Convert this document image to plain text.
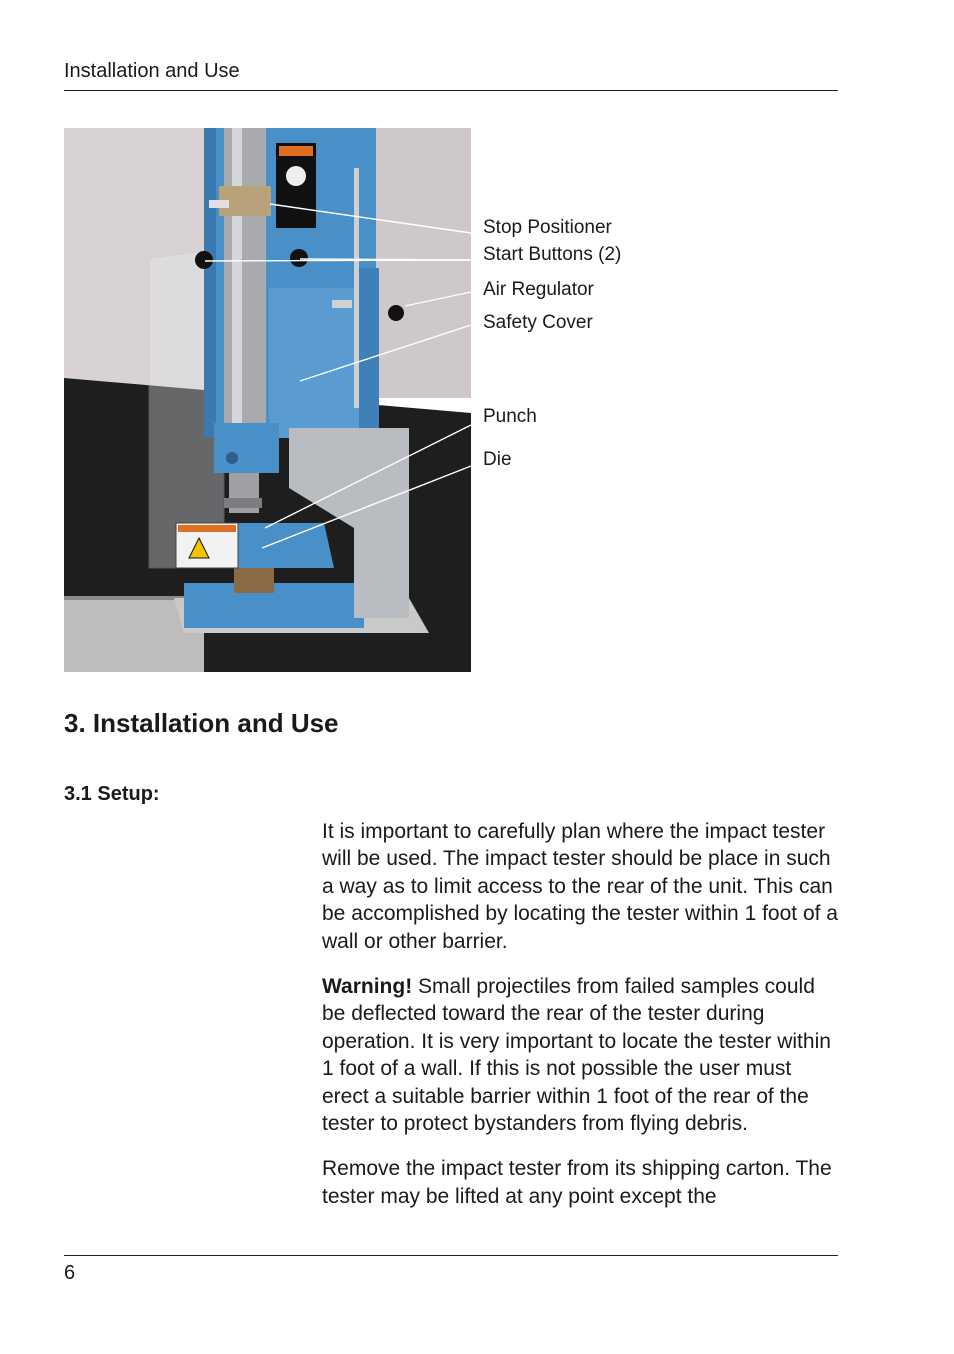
Installation and Use
Stop Positioner
Start Buttons (2)
Air Regulator
Safety Cover
Punch
Die
3. Installation and Use
3.1 Setup:

It is important to carefully plan where the impact tester will be used. The impact tester should be place in such a way as to limit access to the rear of the unit. This can be accomplished by locating the tester within 1 foot of a wall or other barrier.

Warning! Small projectiles from failed samples could be deflected toward the rear of the tester during operation. It is very important to locate the tester within 1 foot of a wall. If this is not possible the user must erect a suitable barrier within 1 foot of the rear of the tester to protect bystanders from flying debris.

Remove the impact tester from its shipping carton. The tester may be lifted at any point except the

6
